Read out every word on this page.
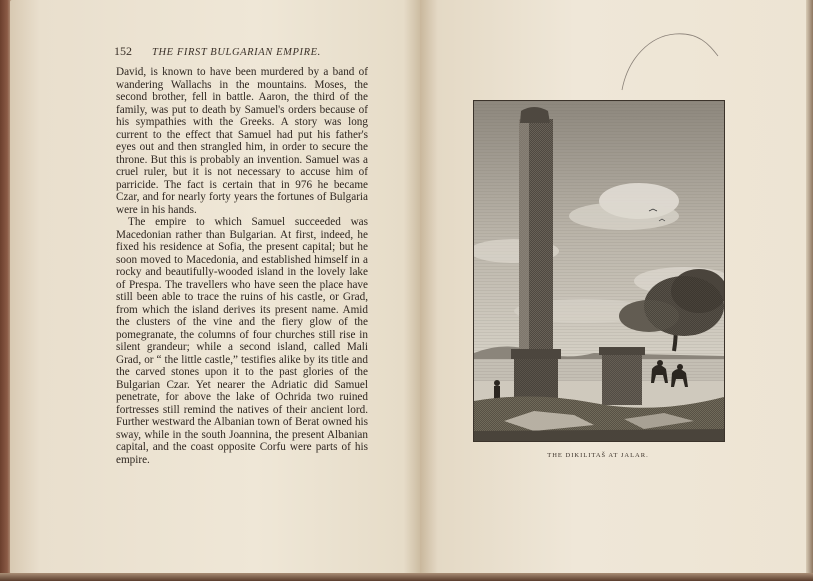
152 THE FIRST BULGARIAN EMPIRE.

David, is known to have been murdered by a band of wandering Wallachs in the mountains. Moses, the second brother, fell in battle. Aaron, the third of the family, was put to death by Samuel's orders because of his sympathies with the Greeks. A story was long current to the effect that Samuel had put his father's eyes out and then strangled him, in order to secure the throne. But this is probably an invention. Samuel was a cruel ruler, but it is not necessary to accuse him of parricide. The fact is certain that in 976 he became Czar, and for nearly forty years the fortunes of Bulgaria were in his hands.

The empire to which Samuel succeeded was Macedonian rather than Bulgarian. At first, indeed, he fixed his residence at Sofia, the present capital; but he soon moved to Macedonia, and established himself in a rocky and beautifully-wooded island in the lovely lake of Prespa. The travellers who have seen the place have still been able to trace the ruins of his castle, or Grad, from which the island derives its present name. Amid the clusters of the vine and the fiery glow of the pomegranate, the columns of four churches still rise in silent grandeur; while a second island, called Mali Grad, or “ the little castle,” testifies alike by its title and the carved stones upon it to the past glories of the Bulgarian Czar. Yet nearer the Adriatic did Samuel penetrate, for above the lake of Ochrida two ruined fortresses still remind the natives of their ancient lord. Further westward the Albanian town of Berat owned his sway, while in the south Joannina, the present Albanian capital, and the coast opposite Corfu were parts of his empire.	THE DIKILITAŠ AT JALAR.
